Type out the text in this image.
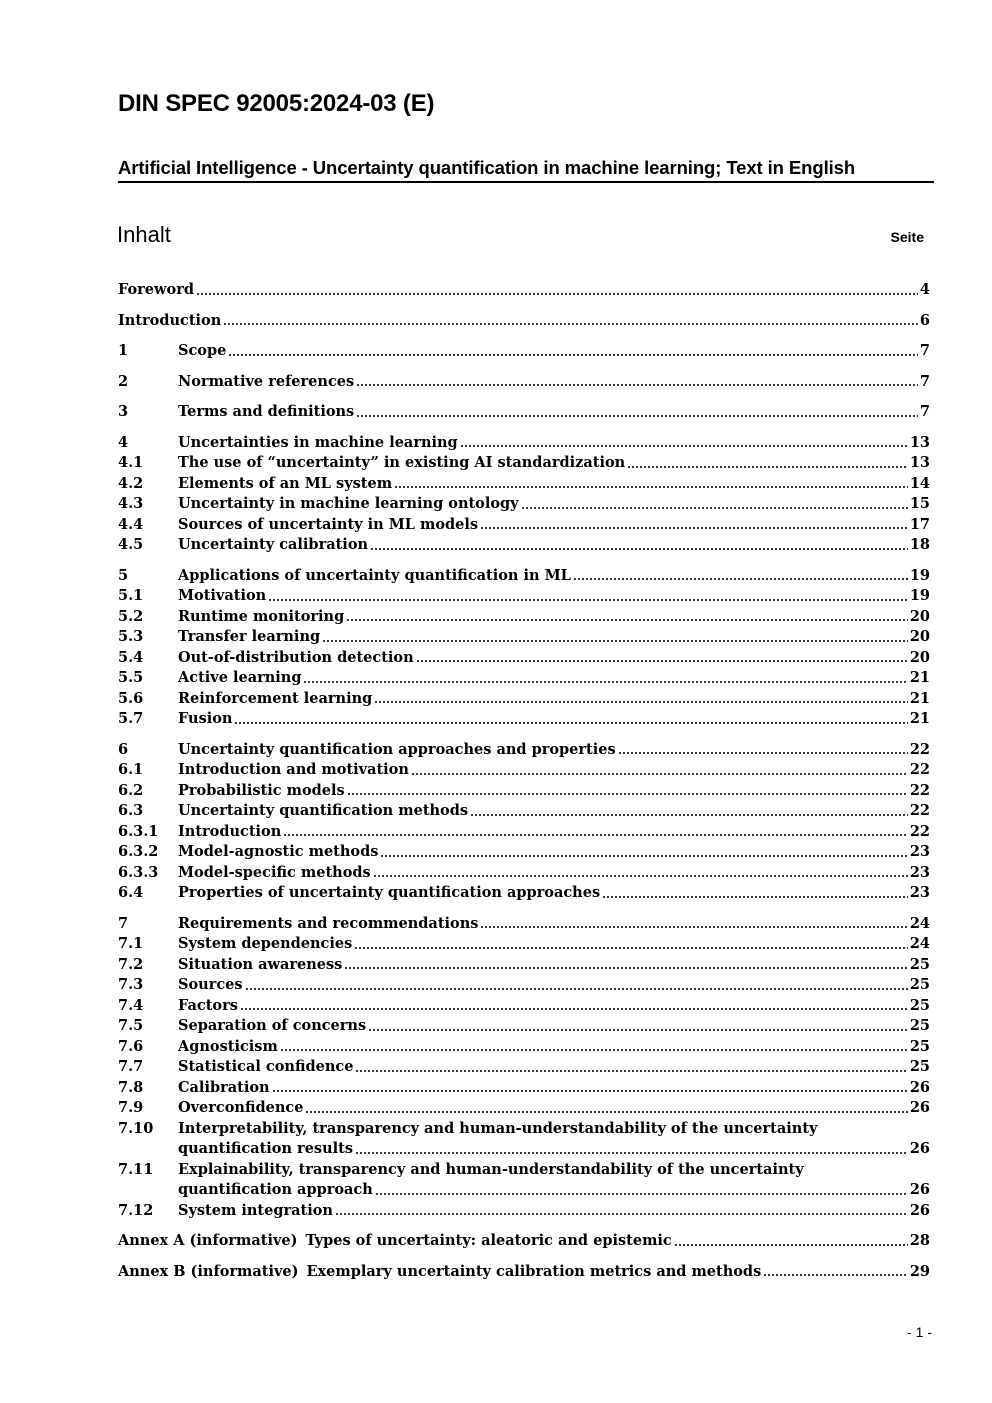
DIN SPEC 92005:2024-03 (E)
Artificial Intelligence - Uncertainty quantification in machine learning; Text in English
Inhalt	Seite
Foreword	4
Introduction	6
1	Scope	7
2	Normative references	7
3	Terms and definitions	7
4	Uncertainties in machine learning	13
4.1	The use of “uncertainty” in existing AI standardization	13
4.2	Elements of an ML system	14
4.3	Uncertainty in machine learning ontology	15
4.4	Sources of uncertainty in ML models	17
4.5	Uncertainty calibration	18
5	Applications of uncertainty quantification in ML	19
5.1	Motivation	19
5.2	Runtime monitoring	20
5.3	Transfer learning	20
5.4	Out-of-distribution detection	20
5.5	Active learning	21
5.6	Reinforcement learning	21
5.7	Fusion	21
6	Uncertainty quantification approaches and properties	22
6.1	Introduction and motivation	22
6.2	Probabilistic models	22
6.3	Uncertainty quantification methods	22
6.3.1	Introduction	22
6.3.2	Model-agnostic methods	23
6.3.3	Model-specific methods	23
6.4	Properties of uncertainty quantification approaches	23
7	Requirements and recommendations	24
7.1	System dependencies	24
7.2	Situation awareness	25
7.3	Sources	25
7.4	Factors	25
7.5	Separation of concerns	25
7.6	Agnosticism	25
7.7	Statistical confidence	25
7.8	Calibration	26
7.9	Overconfidence	26
7.10	Interpretability, transparency and human-understandability of the uncertainty
quantification results	26
7.11	Explainability, transparency and human-understandability of the uncertainty
quantification approach	26
7.12	System integration	26
Annex A (informative) Types of uncertainty: aleatoric and epistemic	28
Annex B (informative) Exemplary uncertainty calibration metrics and methods	29
- 1 -
